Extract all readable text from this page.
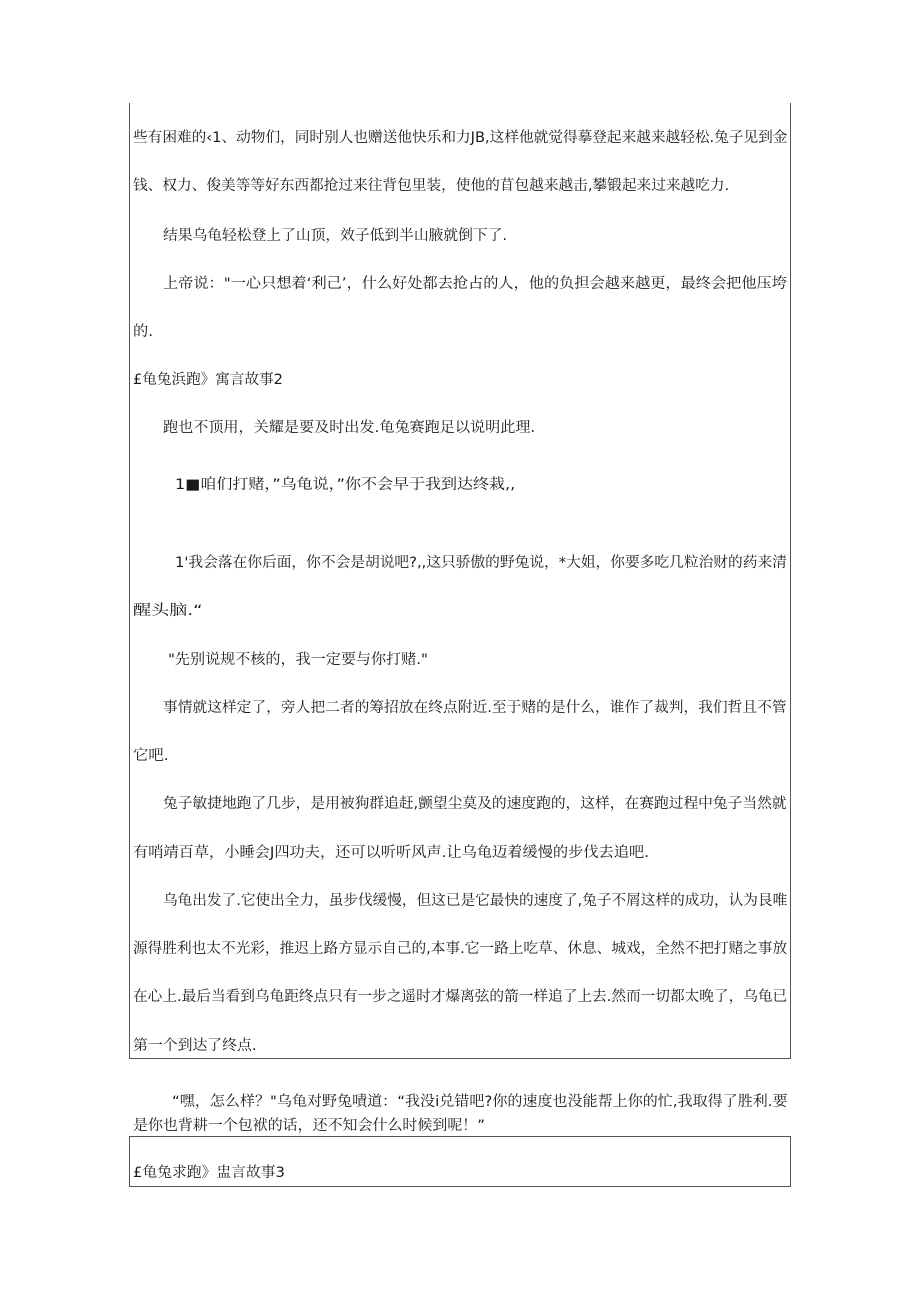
些有困难的‹1、动物们，同时别人也赠送他快乐和力JB,这样他就觉得摹登起来越来越轻松.兔子见到金
钱、权力、俊美等等好东西都抢过来往背包里装，使他的苜包越来越击,攀锻起来过来越吃力.
结果乌龟轻松登上了山顶，效子低到半山腋就倒下了.
上帝说："一心只想着‘利己’，什么好处都去抢占的人，他的负担会越来越更，最终会把他压垮
的.
£龟兔浜跑》寓言故事2
跑也不顶用，关耀是要及时出发.龟兔赛跑足以说明此理.
1■咱们打赌，”乌龟说，”你不会早于我到达终栽,,
1'我会落在你后面，你不会是胡说吧?,,这只骄傲的野兔说，*大姐，你要多吃几粒治财的药来清
醒头脑.“
"先别说规不核的，我一定要与你打赌."
事情就这样定了，旁人把二者的筹招放在终点附近.至于赌的是什么，谁作了裁判，我们哲且不管
它吧.
兔子敏捷地跑了几步，是用被狗群追赶,颤望尘莫及的速度跑的，这样，在赛跑过程中兔子当然就
有哨靖百草，小睡会J四功夫，还可以听听风声.让乌龟迈着缓慢的步伐去追吧.
乌龟出发了.它使出全力，虽步伐缓慢，但这已是它最快的速度了,兔子不屑这样的成功，认为艮唯
源得胜利也太不光彩，推迟上路方显示自己的,本事.它一路上吃草、休息、城戏，全然不把打赌之事放
在心上.最后当看到乌龟距终点只有一步之遥时才爆离弦的箭一样追了上去.然而一切都太晚了，乌龟已
第一个到达了终点.
“嘿，怎么样？"乌龟对野兔嘖道：“我没i兑错吧?你的速度也没能帮上你的忙,我取得了胜利.要
是你也背耕一个包袱的话，还不知会什么时候到呢！”
£龟兔求跑》盅言故事3
